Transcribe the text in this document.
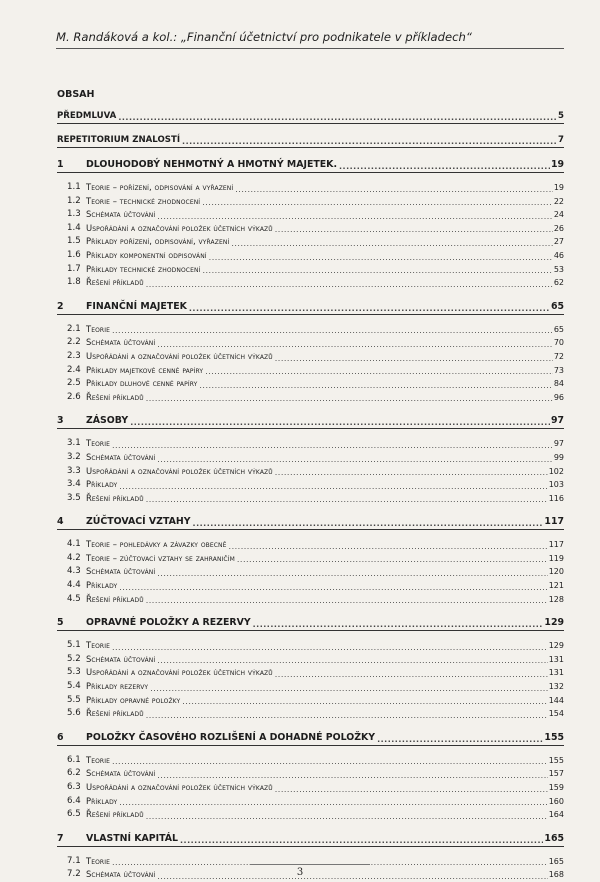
M. Randáková a kol.: „Finanční účetnictví pro podnikatele v příkladech“
OBSAH
PŘEDMLUVA .....	5
REPETITORIUM ZNALOSTÍ .....	7
1	DLOUHODOBÝ NEHMOTNÝ A HMOTNÝ MAJETEK. .....	19
1.1 Teorie – pořízení, odpisování a vyřazení .....	19
1.2 Teorie – technické zhodnocení .....	22
1.3 Schémata účtování .....	24
1.4 Uspořádání a označování položek účetních výkazů .....	26
1.5 Příklady pořízení, odpisování, vyřazení .....	27
1.6 Příklady komponentní odpisování .....	46
1.7 Příklady technické zhodnocení .....	53
1.8 Řešení příkladů .....	62
2	FINANČNÍ MAJETEK .....	65
2.1 Teorie .....	65
2.2 Schémata účtování .....	70
2.3 Uspořádání a označování položek účetních výkazů .....	72
2.4 Příklady majetkové cenné papíry .....	73
2.5 Příklady dluhové cenné papíry .....	84
2.6 Řešení příkladů .....	96
3	ZÁSOBY .....	97
3.1 Teorie .....	97
3.2 Schémata účtování .....	99
3.3 Uspořádání a označování položek účetních výkazů .....	102
3.4 Příklady .....	103
3.5 Řešení příkladů .....	116
4	ZÚČTOVACÍ VZTAHY .....	117
4.1 Teorie – pohledávky a závazky obecně .....	117
4.2 Teorie – zúčtovací vztahy se zahraničím .....	119
4.3 Schémata účtování .....	120
4.4 Příklady .....	121
4.5 Řešení příkladů .....	128
5	OPRAVNÉ POLOŽKY A REZERVY .....	129
5.1 Teorie .....	129
5.2 Schémata účtování .....	131
5.3 Uspořádání a označování položek účetních výkazů .....	131
5.4 Příklady rezervy .....	132
5.5 Příklady opravné položky .....	144
5.6 Řešení příkladů .....	154
6	POLOŽKY ČASOVÉHO ROZLIŠENÍ A DOHADNÉ POLOŽKY .....	155
6.1 Teorie .....	155
6.2 Schémata účtování .....	157
6.3 Uspořádání a označování položek účetních výkazů .....	159
6.4 Příklady .....	160
6.5 Řešení příkladů .....	164
7	VLASTNÍ KAPITÁL .....	165
7.1 Teorie .....	165
7.2 Schémata účtování .....	168
3
